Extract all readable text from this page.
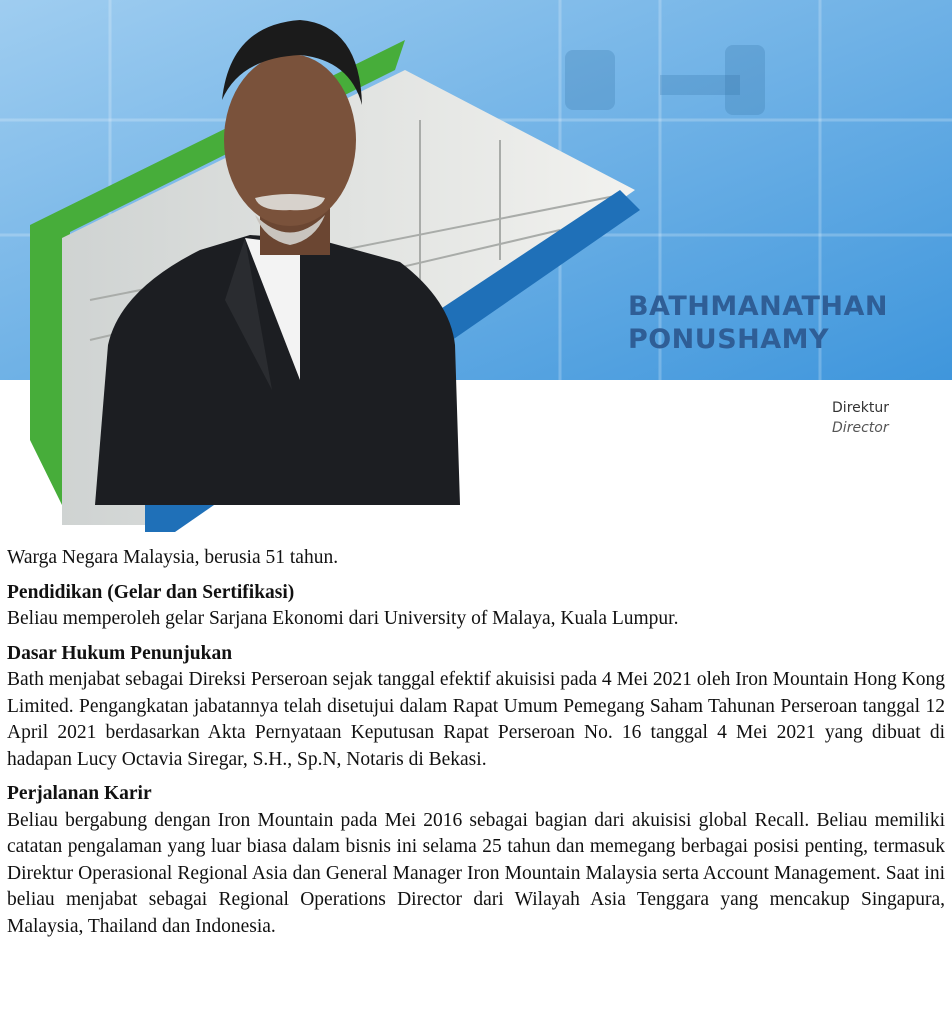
BATHMANATHAN
PONUSHAMY
Direktur
Director

Warga Negara Malaysia, berusia 51 tahun.

Pendidikan (Gelar dan Sertifikasi)

Beliau memperoleh gelar Sarjana Ekonomi dari University of Malaya, Kuala Lumpur.

Dasar Hukum Penunjukan

Bath menjabat sebagai Direksi Perseroan sejak tanggal efektif akuisisi pada 4 Mei 2021 oleh Iron Mountain Hong Kong Limited. Pengangkatan jabatannya telah disetujui dalam Rapat Umum Pemegang Saham Tahunan Perseroan tanggal 12 April 2021 berdasarkan Akta Pernyataan Keputusan Rapat Perseroan No. 16 tanggal 4 Mei 2021 yang dibuat di hadapan Lucy Octavia Siregar, S.H., Sp.N, Notaris di Bekasi.

Perjalanan Karir

Beliau bergabung dengan Iron Mountain pada Mei 2016 sebagai bagian dari akuisisi global Recall. Beliau memiliki catatan pengalaman yang luar biasa dalam bisnis ini selama 25 tahun dan memegang berbagai posisi penting, termasuk Direktur Operasional Regional Asia dan General Manager Iron Mountain Malaysia serta Account Management. Saat ini beliau menjabat sebagai Regional Operations Director dari Wilayah Asia Tenggara yang mencakup Singapura, Malaysia, Thailand dan Indonesia.
